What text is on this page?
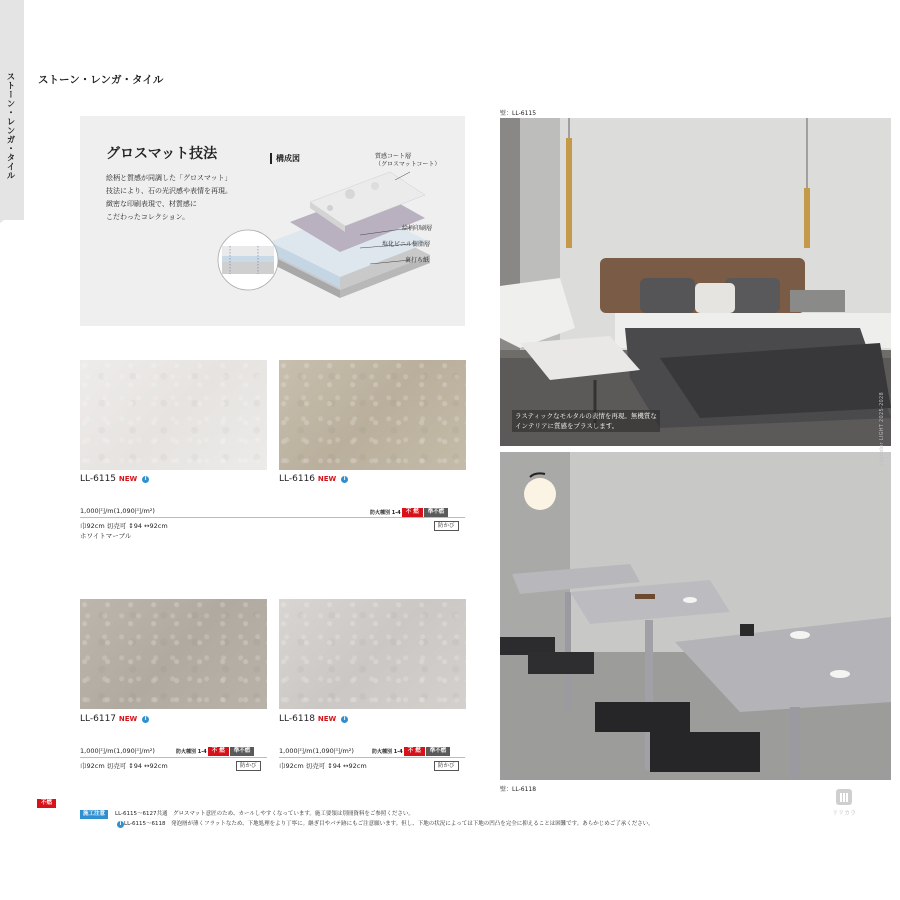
ストーン・レンガ・タイル ストーン・レンガ・タイル
グロスマット技法
絵柄と質感が同調した「グロスマット」
技法により、石の光沢感や表情を再現。
緻密な印刷表現で、材質感に
こだわったコレクション。
構成図	質感コート層
（グロスマットコート）
絵柄印刷層
塩化ビニル樹脂層
裏打ち紙
LL-6115 NEW i
1,000円/m(1,090円/m²)	防火種別 1-4 不 燃	準不燃
巾92cm 切売可 ↕94 ↔92cm	防かび
ホワイトマーブル
LL-6116 NEW i
LL-6117 NEW i
1,000円/m(1,090円/m²)	防火種別 1-4 不 燃	準不燃
巾92cm 切売可 ↕94 ↔92cm	防かび
LL-6118 NEW i
1,000円/m(1,090円/m²)	防火種別 1-4 不 燃	準不燃
巾92cm 切売可 ↕94 ↔92cm	防かび
壁：LL-6115
ラスティックなモルタルの表情を再現。無機質な
インテリアに質感をプラスします。
壁：LL-6118
Lilycolor LIGHT 2025-2028
不燃
施工注意	LL-6115～6127共通　グロスマット意匠のため、カールしやすくなっています。施工要領は別冊資料をご参照ください。
i LL-6115～6118　発泡層が薄くフラットなため、下地処理をより丁寧に。継ぎ目やパテ跡にもご注意願います。但し、下地の状況によっては下地の凹凸を完全に抑えることは困難です。あらかじめご了承ください。
リリカラ
